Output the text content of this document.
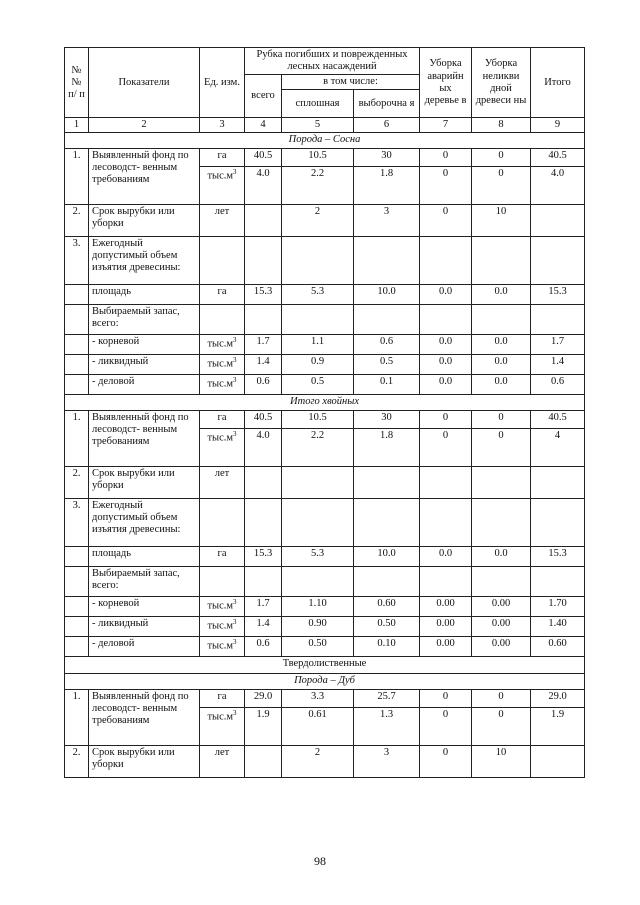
№ № п/ п	Показатели	Ед. изм.	Рубка погибших и поврежденных лесных насаждений			Уборка аварийн ых деревье в	Уборка неликви дной древеси ны	Итого
			всего	в том числе:				
				сплошная	выборочна я			
1	2	3	4	5	6	7	8	9
Порода – Сосна								
1.	Выявленный фонд по лесоводст- венным требованиям	га	40.5	10.5	30	0	0	40.5
		$тыс.м^3$	4.0	2.2	1.8	0	0	4.0
2.	Срок вырубки или уборки	лет		2	3	0	10	
3.	Ежегодный допустимый объем изъятия древесины:							
	площадь	га	15.3	5.3	10.0	0.0	0.0	15.3
	Выбираемый запас, всего:							
	- корневой	$тыс.м^3$	1.7	1.1	0.6	0.0	0.0	1.7
	- ликвидный	$тыс.м^3$	1.4	0.9	0.5	0.0	0.0	1.4
	- деловой	$тыс.м^3$	0.6	0.5	0.1	0.0	0.0	0.6
Итого хвойных								
1.	Выявленный фонд по лесоводст- венным требованиям	га	40.5	10.5	30	0	0	40.5
		$тыс.м^3$	4.0	2.2	1.8	0	0	4
2.	Срок вырубки или уборки	лет						
3.	Ежегодный допустимый объем изъятия древесины:							
	площадь	га	15.3	5.3	10.0	0.0	0.0	15.3
	Выбираемый запас, всего:							
	- корневой	$тыс.м^3$	1.7	1.10	0.60	0.00	0.00	1.70
	- ликвидный	$тыс.м^3$	1.4	0.90	0.50	0.00	0.00	1.40
	- деловой	$тыс.м^3$	0.6	0.50	0.10	0.00	0.00	0.60
Твердолиственные								
Порода – Дуб								
1.	Выявленный фонд по лесоводст- венным требованиям	га	29.0	3.3	25.7	0	0	29.0
		$тыс.м^3$	1.9	0.61	1.3	0	0	1.9
2.	Срок вырубки или уборки	лет		2	3	0	10	
98
